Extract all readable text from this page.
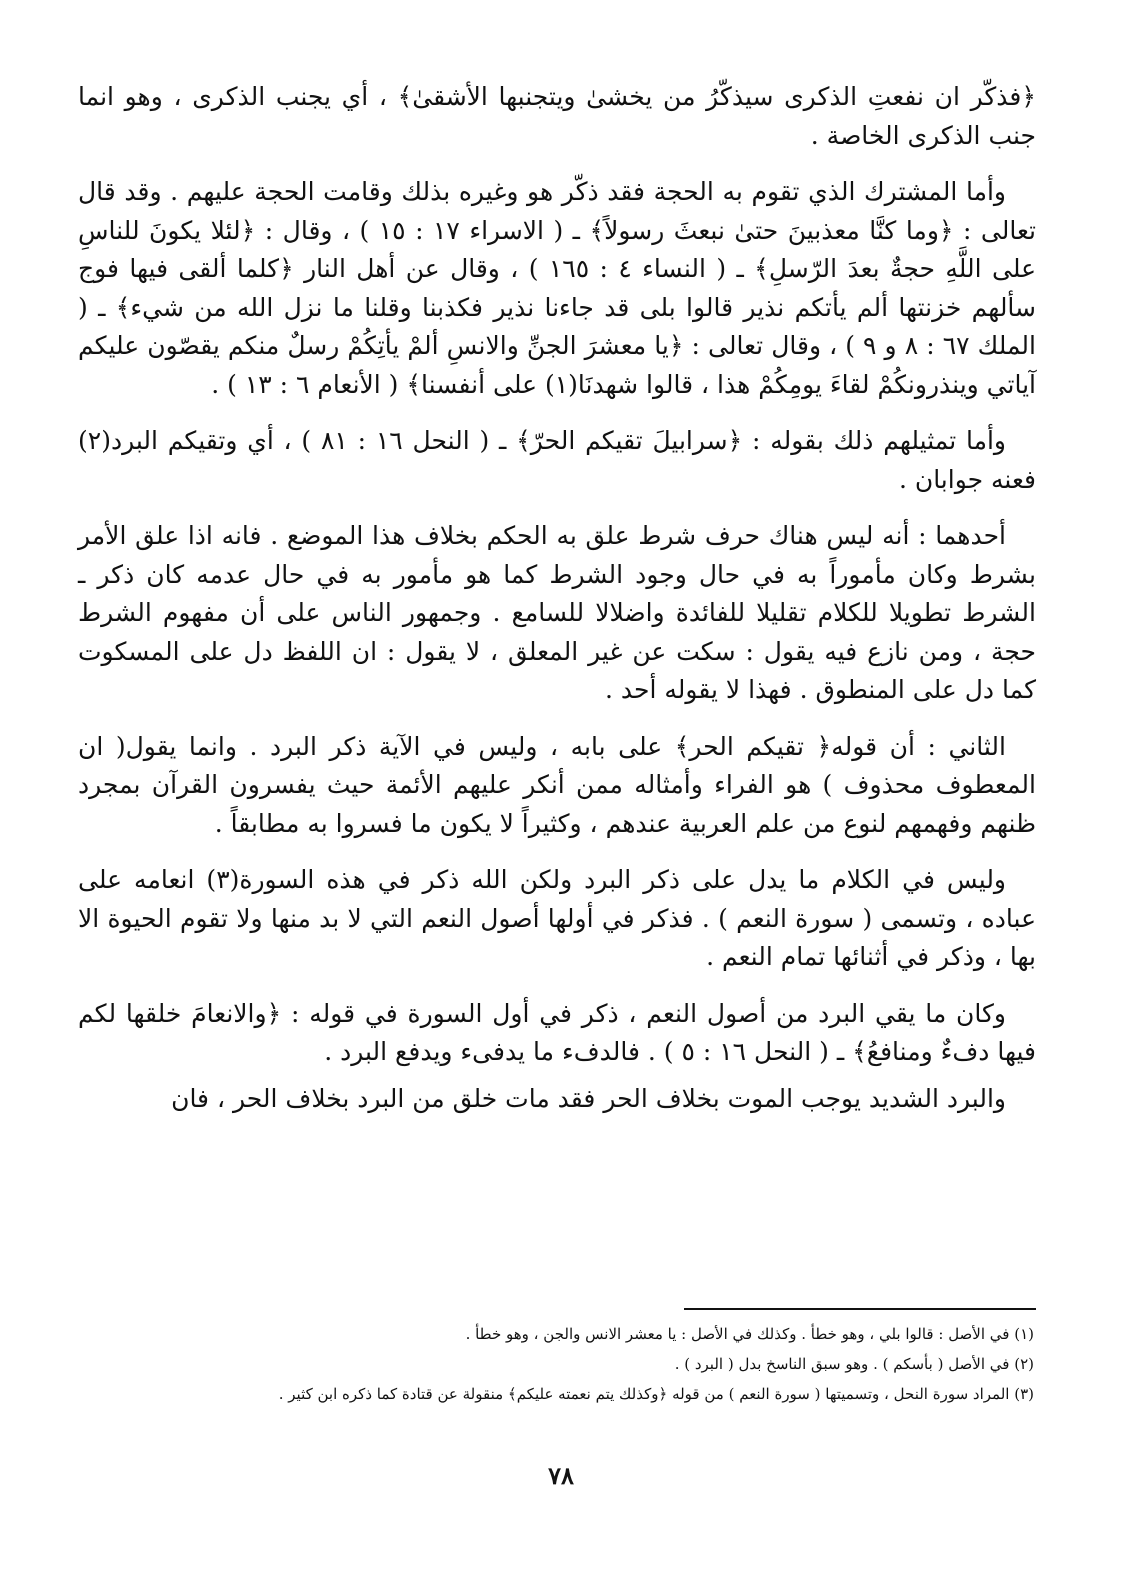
﴿فذكّر ان نفعتِ الذكرى سيذكّرُ من يخشىٰ ويتجنبها الأشقىٰ﴾ ، أي يجنب الذكرى ، وهو انما جنب الذكرى الخاصة .

وأما المشترك الذي تقوم به الحجة فقد ذكّر هو وغيره بذلك وقامت الحجة عليهم . وقد قال تعالى : ﴿وما كنَّا معذبينَ حتىٰ نبعثَ رسولاً﴾ ـ ( الاسراء ١٧ : ١٥ ) ، وقال : ﴿لئلا يكونَ للناسِ على اللَّهِ حجةٌ بعدَ الرّسلِ﴾ ـ ( النساء ٤ : ١٦٥ ) ، وقال عن أهل النار ﴿كلما ألقى فيها فوج سألهم خزنتها ألم يأتكم نذير قالوا بلى قد جاءنا نذير فكذبنا وقلنا ما نزل الله من شيء﴾ ـ ( الملك ٦٧ : ٨ و ٩ ) ، وقال تعالى : ﴿يا معشرَ الجنِّ والانسِ ألمْ يأتِكُمْ رسلٌ منكم يقصّون عليكم آياتي وينذرونكُمْ لقاءَ يومِكُمْ هذا ، قالوا شهدنَا(١) على أنفسنا﴾ ( الأنعام ٦ : ١٣ ) .

وأما تمثيلهم ذلك بقوله : ﴿سرابيلَ تقيكم الحرّ﴾ ـ ( النحل ١٦ : ٨١ ) ، أي وتقيكم البرد(٢) فعنه جوابان .

أحدهما : أنه ليس هناك حرف شرط علق به الحكم بخلاف هذا الموضع . فانه اذا علق الأمر بشرط وكان مأموراً به في حال وجود الشرط كما هو مأمور به في حال عدمه كان ذكر ـ الشرط تطويلا للكلام تقليلا للفائدة واضلالا للسامع . وجمهور الناس على أن مفهوم الشرط حجة ، ومن نازع فيه يقول : سكت عن غير المعلق ، لا يقول : ان اللفظ دل على المسكوت كما دل على المنطوق . فهذا لا يقوله أحد .

الثاني : أن قوله﴿ تقيكم الحر﴾ على بابه ، وليس في الآية ذكر البرد . وانما يقول( ان المعطوف محذوف ) هو الفراء وأمثاله ممن أنكر عليهم الأئمة حيث يفسرون القرآن بمجرد ظنهم وفهمهم لنوع من علم العربية عندهم ، وكثيراً لا يكون ما فسروا به مطابقاً .

وليس في الكلام ما يدل على ذكر البرد ولكن الله ذكر في هذه السورة(٣) انعامه على عباده ، وتسمى ( سورة النعم ) . فذكر في أولها أصول النعم التي لا بد منها ولا تقوم الحيوة الا بها ، وذكر في أثنائها تمام النعم .

وكان ما يقي البرد من أصول النعم ، ذكر في أول السورة في قوله : ﴿والانعامَ خلقها لكم فيها دفءٌ ومنافعُ﴾ ـ ( النحل ١٦ : ٥ ) . فالدفء ما يدفىء ويدفع البرد .

والبرد الشديد يوجب الموت بخلاف الحر فقد مات خلق من البرد بخلاف الحر ، فان

(١) في الأصل : قالوا بلي ، وهو خطأ . وكذلك في الأصل : يا معشر الانس والجن ، وهو خطأ .

(٢) في الأصل ( بأسكم ) . وهو سبق الناسخ بدل ( البرد ) .

(٣) المراد سورة النحل ، وتسميتها ( سورة النعم ) من قوله ﴿وكذلك يتم نعمته عليكم﴾ منقولة عن قتادة كما ذكره ابن كثير .

٧٨
